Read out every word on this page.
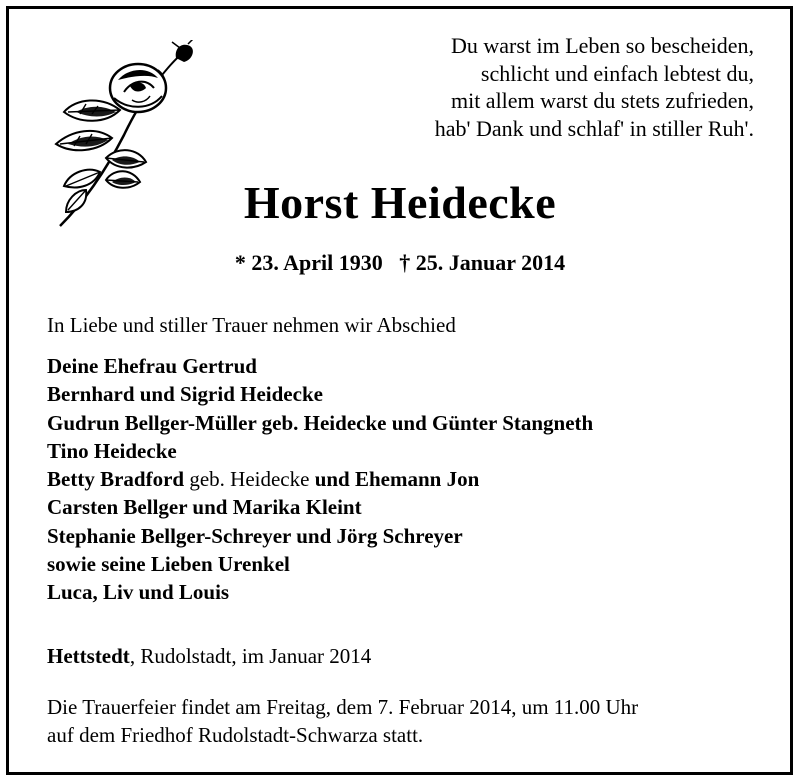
Du warst im Leben so bescheiden,
schlicht und einfach lebtest du,
mit allem warst du stets zufrieden,
hab' Dank und schlaf' in stiller Ruh'.
Horst Heidecke
* 23. April 1930   † 25. Januar 2014
In Liebe und stiller Trauer nehmen wir Abschied
Deine Ehefrau Gertrud
Bernhard und Sigrid Heidecke
Gudrun Bellger-Müller geb. Heidecke und Günter Stangneth
Tino Heidecke
Betty Bradford geb. Heidecke und Ehemann Jon
Carsten Bellger und Marika Kleint
Stephanie Bellger-Schreyer und Jörg Schreyer
sowie seine Lieben Urenkel
Luca, Liv und Louis
Hettstedt, Rudolstadt, im Januar 2014
Die Trauerfeier findet am Freitag, dem 7. Februar 2014, um 11.00 Uhr
auf dem Friedhof Rudolstadt-Schwarza statt.
